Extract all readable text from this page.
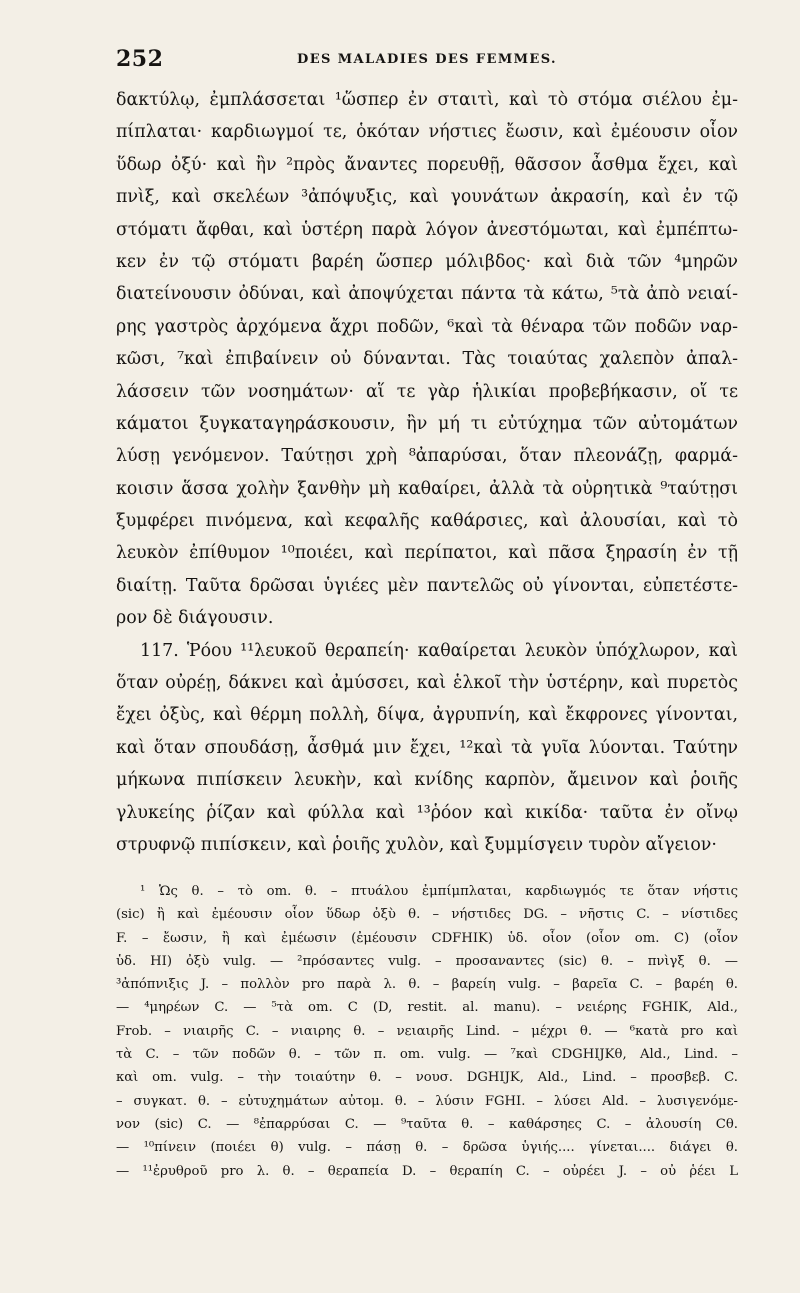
252	DES MALADIES DES FEMMES.
δακτύλῳ, ἐμπλάσσεται ¹ὥσπερ ἐν σταιτὶ, καὶ τὸ στόμα σιέλου ἐμ-
πίπλαται· καρδιωγμοί τε, ὁκόταν νήστιες ἔωσιν, καὶ ἐμέουσιν οἷον
ὕδωρ ὀξύ· καὶ ἢν ²πρὸς ἄναντες πορευθῇ, θᾶσσον ἆσθμα ἔχει, καὶ
πνὶξ, καὶ σκελέων ³ἀπόψυξις, καὶ γουνάτων ἀκρασίη, καὶ ἐν τῷ
στόματι ἄφθαι, καὶ ὑστέρη παρὰ λόγον ἀνεστόμωται, καὶ ἐμπέπτω-
κεν ἐν τῷ στόματι βαρέη ὥσπερ μόλιβδος· καὶ διὰ τῶν ⁴μηρῶν
διατείνουσιν ὀδύναι, καὶ ἀποψύχεται πάντα τὰ κάτω, ⁵τὰ ἀπὸ νειαί-
ρης γαστρὸς ἀρχόμενα ἄχρι ποδῶν, ⁶καὶ τὰ θέναρα τῶν ποδῶν ναρ-
κῶσι, ⁷καὶ ἐπιβαίνειν οὐ δύνανται. Τὰς τοιαύτας χαλεπὸν ἀπαλ-
λάσσειν τῶν νοσημάτων· αἵ τε γὰρ ἡλικίαι προβεβήκασιν, οἵ τε
κάματοι ξυγκαταγηράσκουσιν, ἢν μή τι εὐτύχημα τῶν αὐτομάτων
λύσῃ γενόμενον. Ταύτῃσι χρὴ ⁸ἀπαρύσαι, ὅταν πλεονάζῃ, φαρμά-
κοισιν ἅσσα χολὴν ξανθὴν μὴ καθαίρει, ἀλλὰ τὰ οὐρητικὰ ⁹ταύτῃσι
ξυμφέρει πινόμενα, καὶ κεφαλῆς καθάρσιες, καὶ ἀλουσίαι, καὶ τὸ
λευκὸν ἐπίθυμον ¹⁰ποιέει, καὶ περίπατοι, καὶ πᾶσα ξηρασίη ἐν τῇ
διαίτῃ. Ταῦτα δρῶσαι ὑγιέες μὲν παντελῶς οὐ γίνονται, εὐπετέστε-
ρον δὲ διάγουσιν.
117. Ῥόου ¹¹λευκοῦ θεραπείη· καθαίρεται λευκὸν ὑπόχλωρον, καὶ
ὅταν οὐρέῃ, δάκνει καὶ ἀμύσσει, καὶ ἑλκοῖ τὴν ὑστέρην, καὶ πυρετὸς
ἔχει ὀξὺς, καὶ θέρμη πολλὴ, δίψα, ἀγρυπνίη, καὶ ἔκφρονες γίνονται,
καὶ ὅταν σπουδάσῃ, ἆσθμά μιν ἔχει, ¹²καὶ τὰ γυῖα λύονται. Ταύτην
μήκωνα πιπίσκειν λευκὴν, καὶ κνίδης καρπὸν, ἄμεινον καὶ ῥοιῆς
γλυκείης ῥίζαν καὶ φύλλα καὶ ¹³ῥόον καὶ κικίδα· ταῦτα ἐν οἴνῳ
στρυφνῷ πιπίσκειν, καὶ ῥοιῆς χυλὸν, καὶ ξυμμίσγειν τυρὸν αἴγειον·
¹ Ὡς θ. – τὸ om. θ. – πτυάλου ἐμπίμπλαται, καρδιωγμός τε ὅταν νήστις
(sic) ἢ καὶ ἐμέουσιν οἷον ὕδωρ ὀξὺ θ. – νήστιδες DG. – νῆστις C. – νίστιδες
F. – ἔωσιν, ἢ καὶ ἐμέωσιν (ἐμέουσιν CDFHIK) ὑδ. οἷον (οἷον om. C) (οἷον
ὑδ. HI) ὀξὺ vulg. — ²πρόσαντες vulg. – προσαναντες (sic) θ. – πνὶγξ θ. —
³ἀπόπνιξις J. – πολλὸν pro παρὰ λ. θ. – βαρείη vulg. – βαρεῖα C. – βαρέη θ.
— ⁴μηρέων C. — ⁵τὰ om. C (D, restit. al. manu). – νειέρης FGHIK, Ald.,
Frob. – νιαιρῆς C. – νιαιρης θ. – νειαιρῆς Lind. – μέχρι θ. — ⁶κατὰ pro καὶ
τὰ C. – τῶν ποδῶν θ. – τῶν π. om. vulg. — ⁷καὶ CDGHIJKθ, Ald., Lind. –
καὶ om. vulg. – τὴν τοιαύτην θ. – νουσ. DGHIJK, Ald., Lind. – προσβεβ. C.
– συγκατ. θ. – εὐτυχημάτων αὐτομ. θ. – λύσιν FGHI. – λύσει Ald. – λυσιγενόμε-
νον (sic) C. — ⁸ἐπαρρύσαι C. — ⁹ταῦτα θ. – καθάρσηες C. – ἀλουσίη Cθ.
— ¹⁰πίνειν (ποιέει θ) vulg. – πάσῃ θ. – δρῶσα ὑγιής.... γίνεται.... διάγει θ.
— ¹¹ἐρυθροῦ pro λ. θ. – θεραπεία D. – θεραπίη C. – οὐρέει J. – οὐ ῥέει L
